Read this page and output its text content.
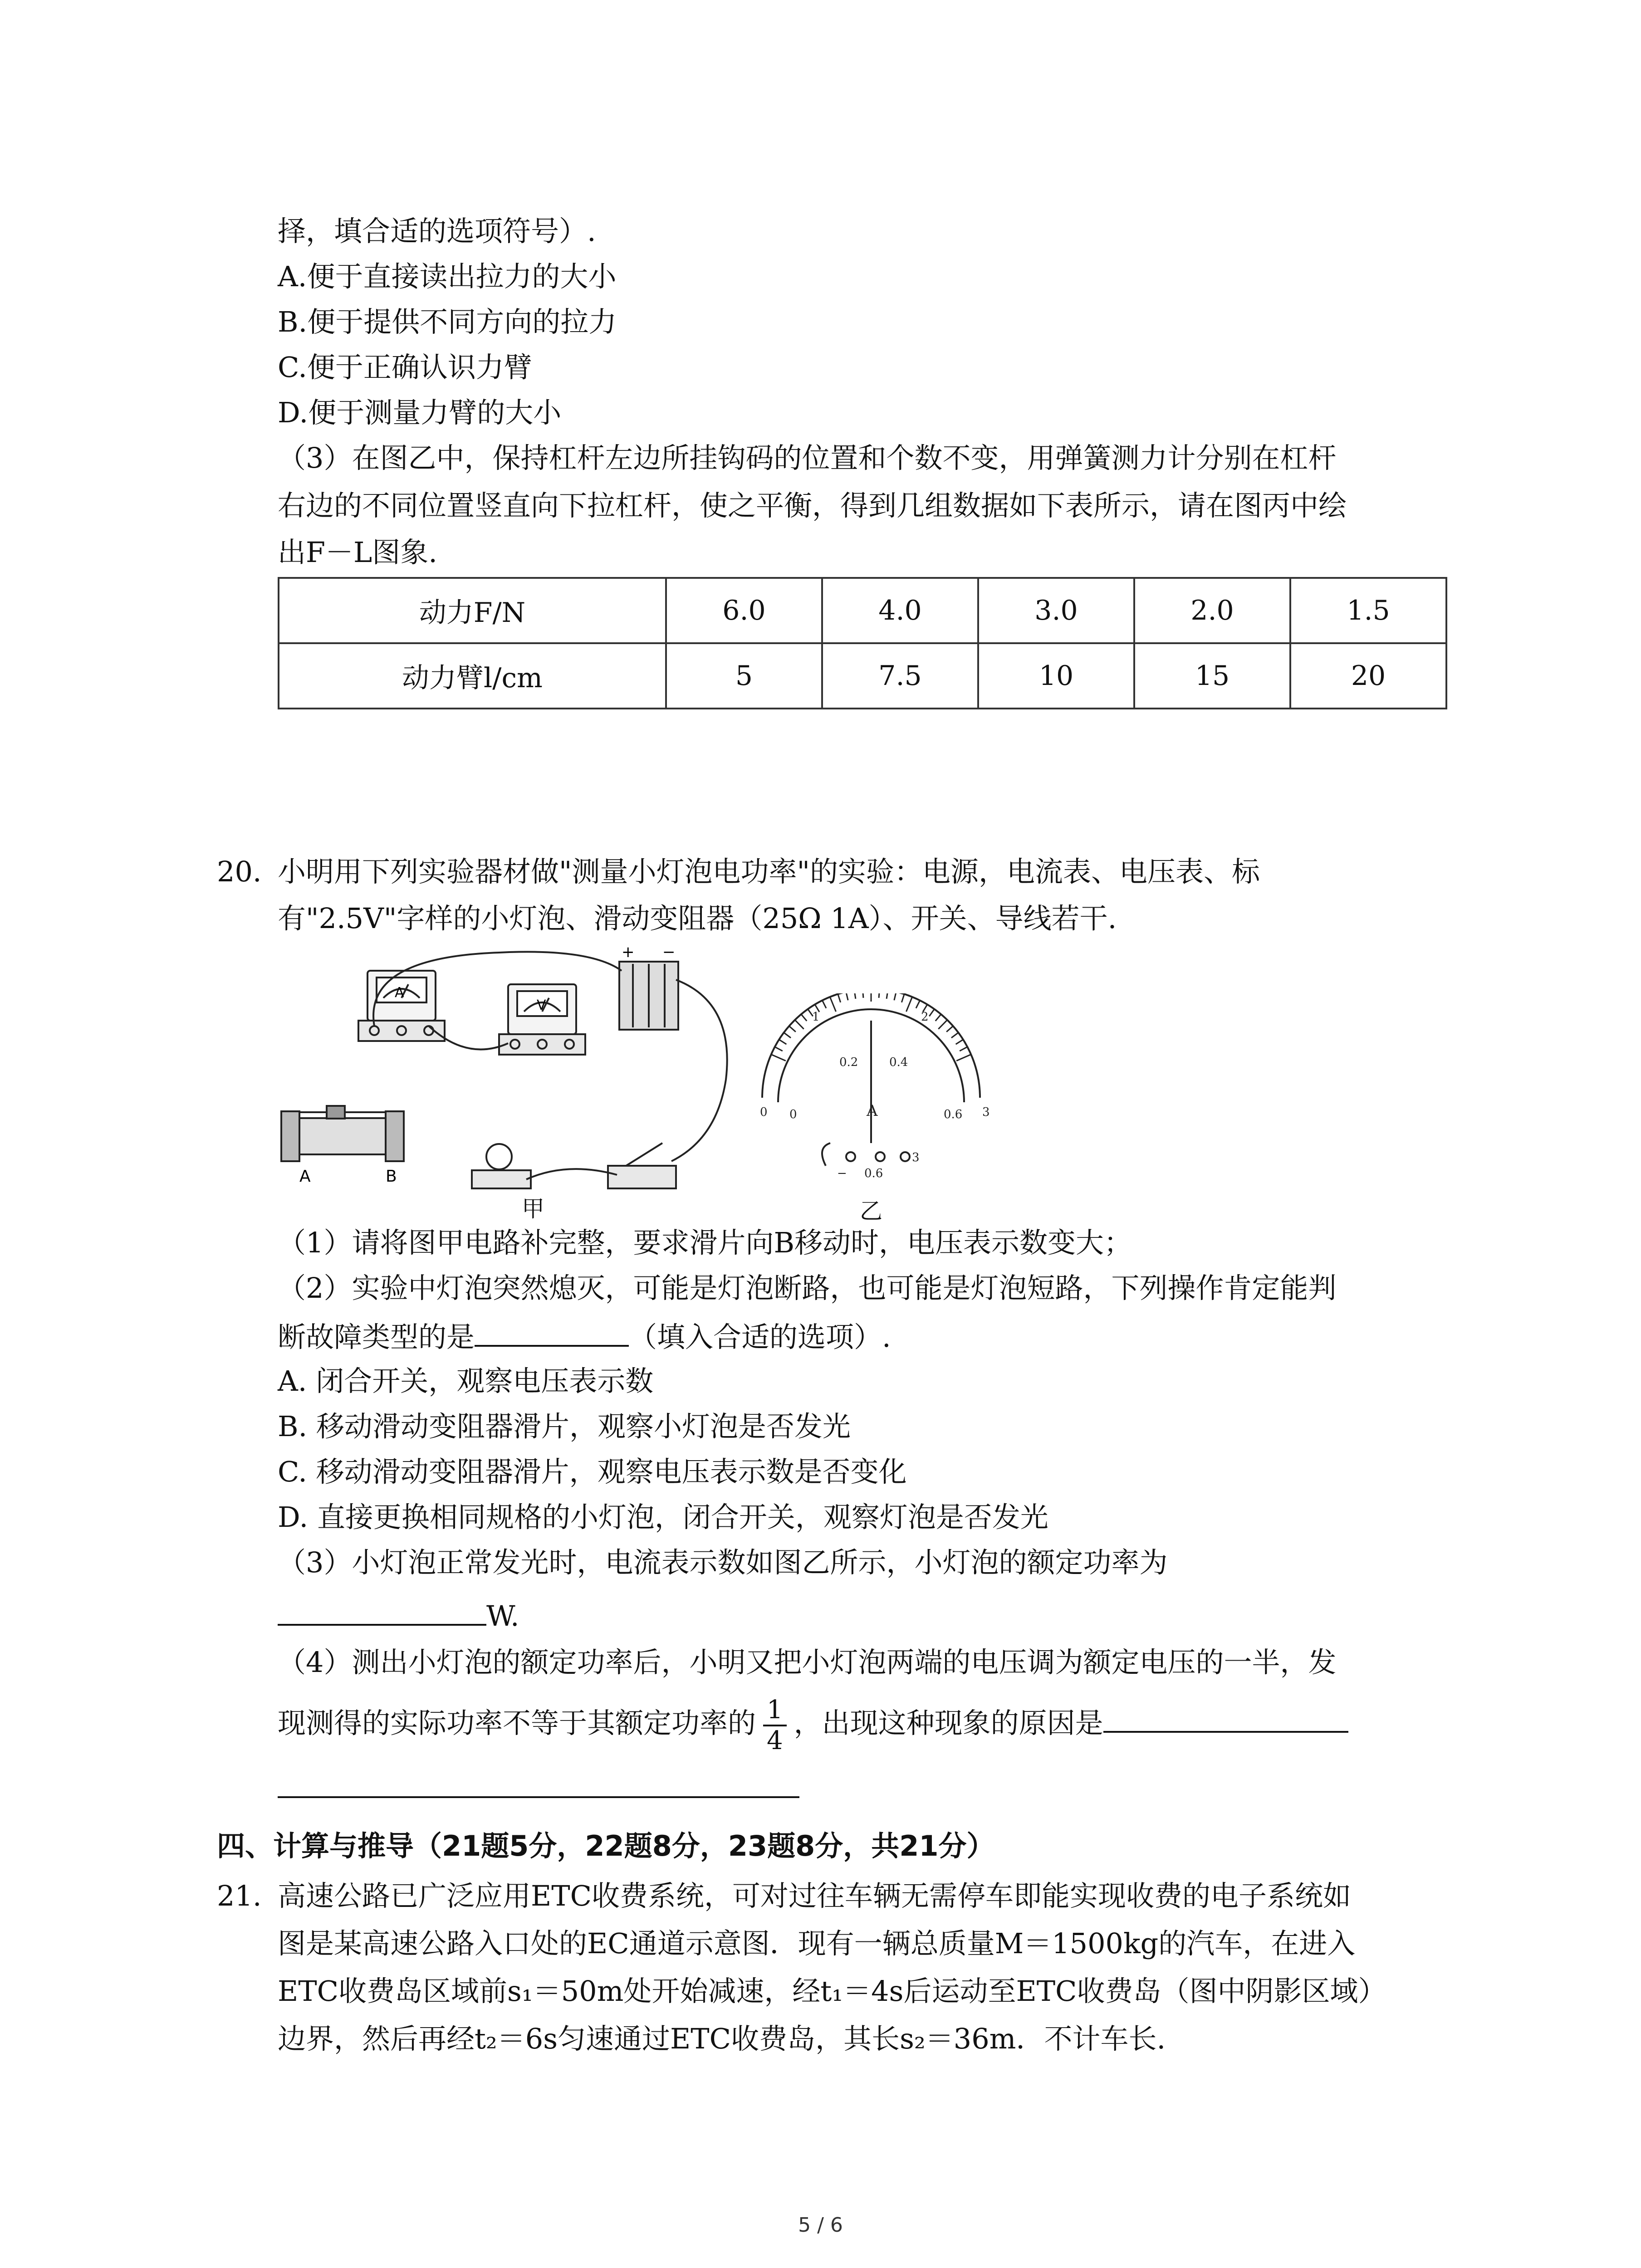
择，填合适的选项符号）.
A.便于直接读出拉力的大小
B.便于提供不同方向的拉力
C.便于正确认识力臂
D.便于测量力臂的大小
（3）在图乙中，保持杠杆左边所挂钩码的位置和个数不变，用弹簧测力计分别在杠杆
右边的不同位置竖直向下拉杠杆，使之平衡，得到几组数据如下表所示，请在图丙中绘
出F－L图象.
动力F/N	6.0	4.0	3.0	2.0	1.5
动力臂l/cm	5	7.5	10	15	20
20. 小明用下列实验器材做"测量小灯泡电功率"的实验：电源，电流表、电压表、标
有"2.5V"字样的小灯泡、滑动变阻器（25Ω 1A）、开关、导线若干.
A
V
+ −
A	B
甲
0
1	2
3
0
0.2	0.4
0.6
A
− 0.6
3
乙
（1）请将图甲电路补完整，要求滑片向B移动时，电压表示数变大；
（2）实验中灯泡突然熄灭，可能是灯泡断路，也可能是灯泡短路，下列操作肯定能判
断故障类型的是	（填入合适的选项）.
A. 闭合开关，观察电压表示数
B. 移动滑动变阻器滑片，观察小灯泡是否发光
C. 移动滑动变阻器滑片，观察电压表示数是否变化
D. 直接更换相同规格的小灯泡，闭合开关，观察灯泡是否发光
（3）小灯泡正常发光时，电流表示数如图乙所示，小灯泡的额定功率为
W.
（4）测出小灯泡的额定功率后，小明又把小灯泡两端的电压调为额定电压的一半，发
现测得的实际功率不等于其额定功率的 $\frac{1}{4}$ ，出现这种现象的原因是
四、计算与推导（21题5分，22题8分，23题8分，共21分）
21. 高速公路已广泛应用ETC收费系统，可对过往车辆无需停车即能实现收费的电子系统如
图是某高速公路入口处的EC通道示意图．现有一辆总质量M＝1500kg的汽车，在进入
ETC收费岛区域前s₁＝50m处开始减速，经t₁＝4s后运动至ETC收费岛（图中阴影区域）
边界，然后再经t₂＝6s匀速通过ETC收费岛，其长s₂＝36m．不计车长.
5 / 6
